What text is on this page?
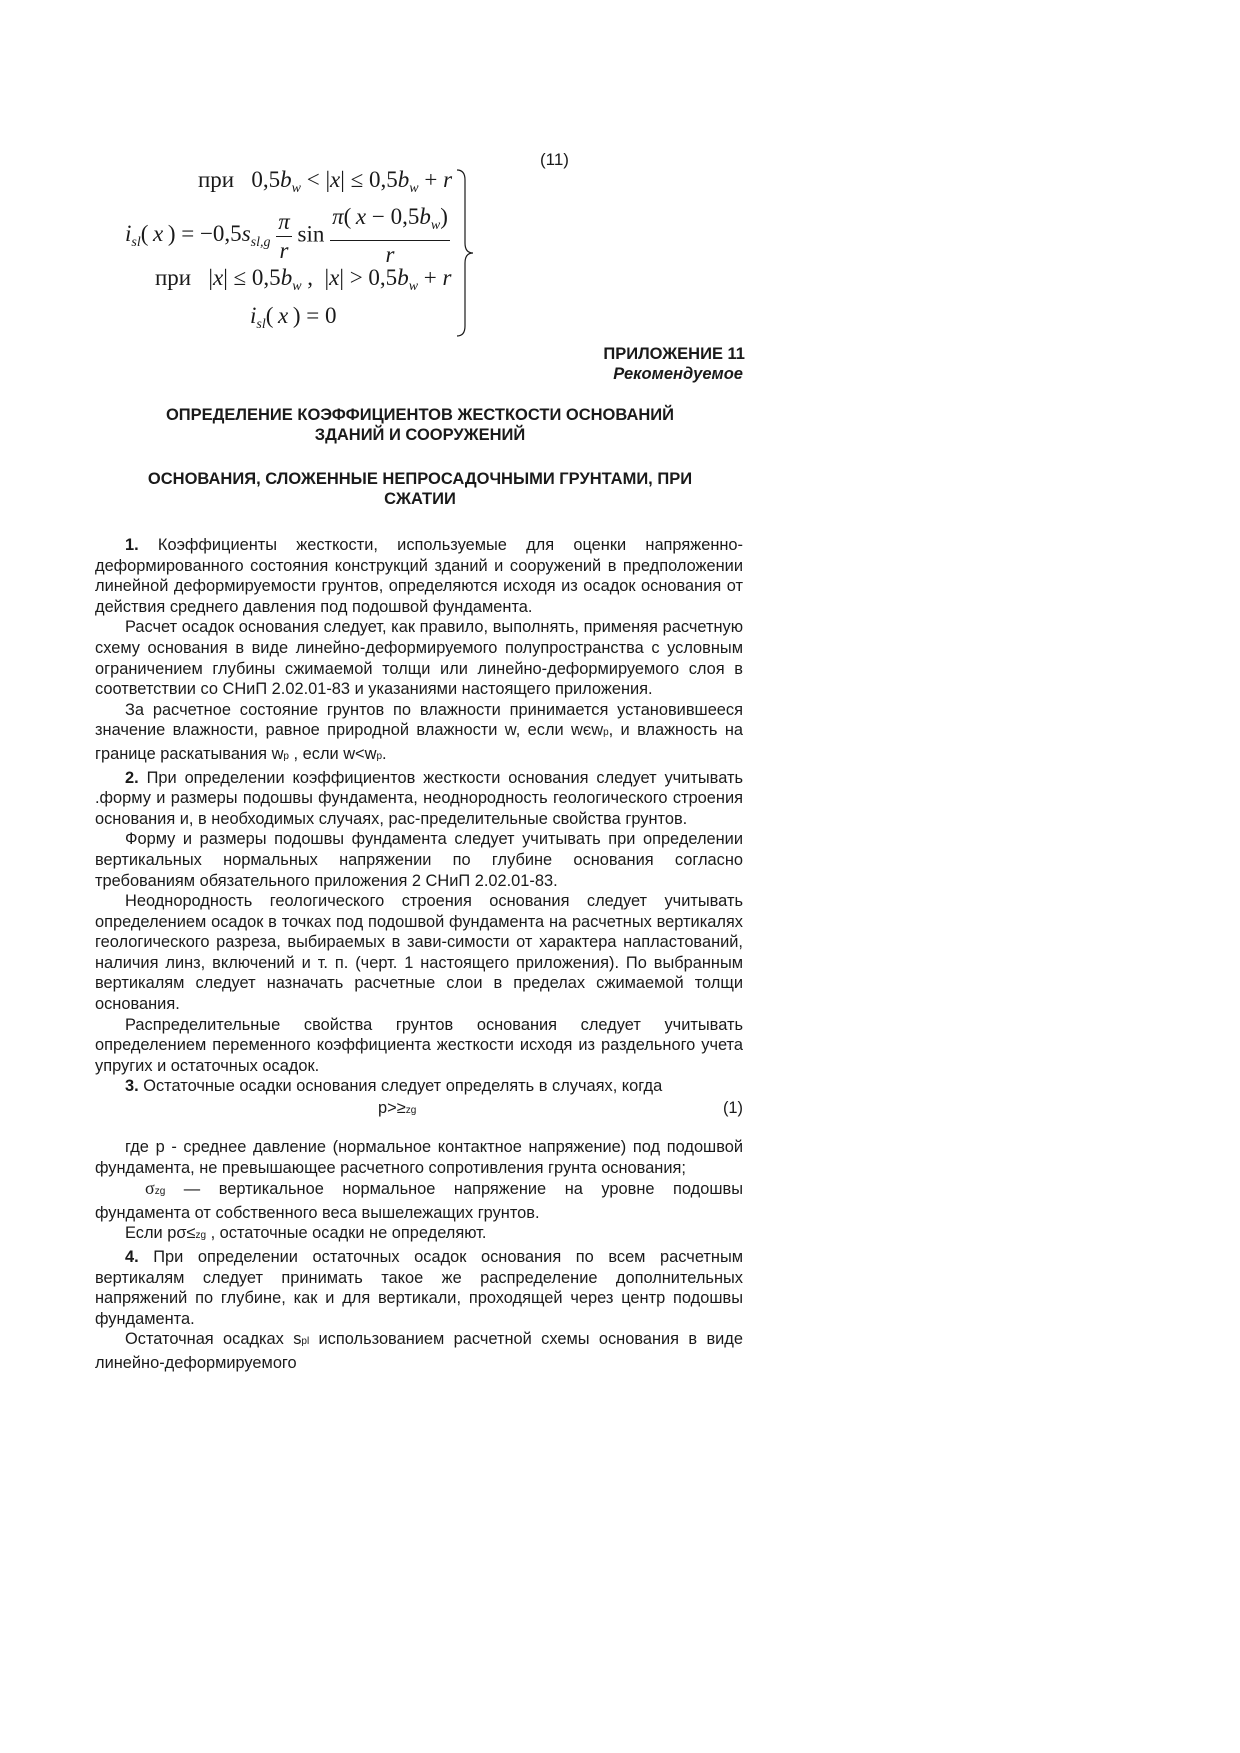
(11)
при $0,5b_w < |x| \le 0,5b_w + r$
$i_{sl}$( x ) = $-0,5s_{sl,g} \frac{\pi}{r}$ $\sin \frac{\pi( x - 0,5b_w)}{r}$
при $|x| \le 0,5b_w$ ,  $|x| > 0,5b_w + r$
$i_{sl}$( x ) = 0
ПРИЛОЖЕНИЕ 11
Рекомендуемое
ОПРЕДЕЛЕНИЕ КОЭФФИЦИЕНТОВ ЖЕСТКОСТИ ОСНОВАНИЙ
ЗДАНИЙ И СООРУЖЕНИЙ
ОСНОВАНИЯ, СЛОЖЕННЫЕ НЕПРОСАДОЧНЫМИ ГРУНТАМИ, ПРИ
СЖАТИИ

1. Коэффициенты жесткости, используемые для оценки напряженно-деформированного состояния конструкций зданий и сооружений в предположении линейной деформируемости грунтов, определяются исходя из осадок основания от действия среднего давления под подошвой фундамента.

Расчет осадок основания следует, как правило, выполнять, применяя расчетную схему основания в виде линейно-деформируемого полупространства с условным ограничением глубины сжимаемой толщи или линейно-деформируемого слоя в соответствии со СНиП 2.02.01-83 и указаниями настоящего приложения.

За расчетное состояние грунтов по влажности принимается установившееся значение влажности, равное природной влажности w, если wєwp, и влажность на границе раскатывания wp , если w<wp.

2. При определении коэффициентов жесткости основания следует учитывать .форму и размеры подошвы фундамента, неоднородность геологического строения основания и, в необходимых случаях, рас-пределительные свойства грунтов.

Форму и размеры подошвы фундамента следует учитывать при определении вертикальных нормальных напряжении по глубине основания согласно требованиям обязательного приложения 2 СНиП 2.02.01-83.

Неоднородность геологического строения основания следует учитывать определением осадок в точках под подошвой фундамента на расчетных вертикалях геологического разреза, выбираемых в зави-симости от характера напластований, наличия линз, включений и т. п. (черт. 1 настоящего приложения). По выбранным вертикалям следует назначать расчетные слои в пределах сжимаемой толщи основания.

Распределительные свойства грунтов основания следует учитывать определением переменного коэффициента жесткости исходя из раздельного учета упругих и остаточных осадок.

3. Остаточные осадки основания следует определять в случаях, когда

p>≥zg	(1)

где p - среднее давление (нормальное контактное напряжение) под подошвой фундамента, не превышающее расчетного сопротивления грунта основания;

σzg — вертикальное нормальное напряжение на уровне подошвы фундамента от собственного веса вышележащих грунтов.

Если pσ≤zg , остаточные осадки не определяют.

4. При определении остаточных осадок основания по всем расчетным вертикалям следует принимать такое же распределение дополнительных напряжений по глубине, как и для вертикали, проходящей через центр подошвы фундамента.

Остаточная осадках spl использованием расчетной схемы основания в виде линейно-деформируемого
